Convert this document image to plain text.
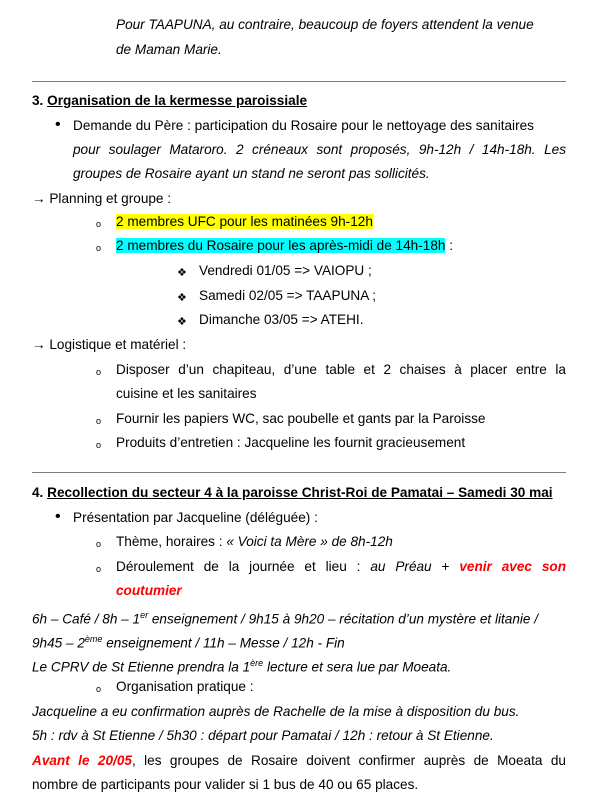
Pour TAAPUNA, au contraire, beaucoup de foyers attendent la venue
de Maman Marie.
3. Organisation de la kermesse paroissiale
• Demande du Père : participation du Rosaire pour le nettoyage des sanitaires
pour soulager Mataroro. 2 créneaux sont proposés, 9h-12h / 14h-18h. Les
groupes de Rosaire ayant un stand ne seront pas sollicités.
→ Planning et groupe :
o 2 membres UFC pour les matinées 9h-12h
o 2 membres du Rosaire pour les après-midi de 14h-18h :
❖ Vendredi 01/05 => VAIOPU ;
❖ Samedi 02/05 => TAAPUNA ;
❖ Dimanche 03/05 => ATEHI.
→ Logistique et matériel :
o Disposer d’un chapiteau, d’une table et 2 chaises à placer entre la
cuisine et les sanitaires
o Fournir les papiers WC, sac poubelle et gants par la Paroisse
o Produits d’entretien : Jacqueline les fournit gracieusement
4. Recollection du secteur 4 à la paroisse Christ-Roi de Pamatai – Samedi 30 mai
• Présentation par Jacqueline (déléguée) :
o Thème, horaires : « Voici ta Mère » de 8h-12h
o Déroulement de la journée et lieu : au Préau + venir avec son
coutumier
6h – Café / 8h – 1er enseignement / 9h15 à 9h20 – récitation d’un mystère et litanie /
9h45 – 2ème enseignement / 11h – Messe / 12h - Fin
Le CPRV de St Etienne prendra la 1ère lecture et sera lue par Moeata.
o Organisation pratique :
Jacqueline a eu confirmation auprès de Rachelle de la mise à disposition du bus.
5h : rdv à St Etienne / 5h30 : départ pour Pamatai / 12h : retour à St Etienne.
Avant le 20/05, les groupes de Rosaire doivent confirmer auprès de Moeata du
nombre de participants pour valider si 1 bus de 40 ou 65 places.
